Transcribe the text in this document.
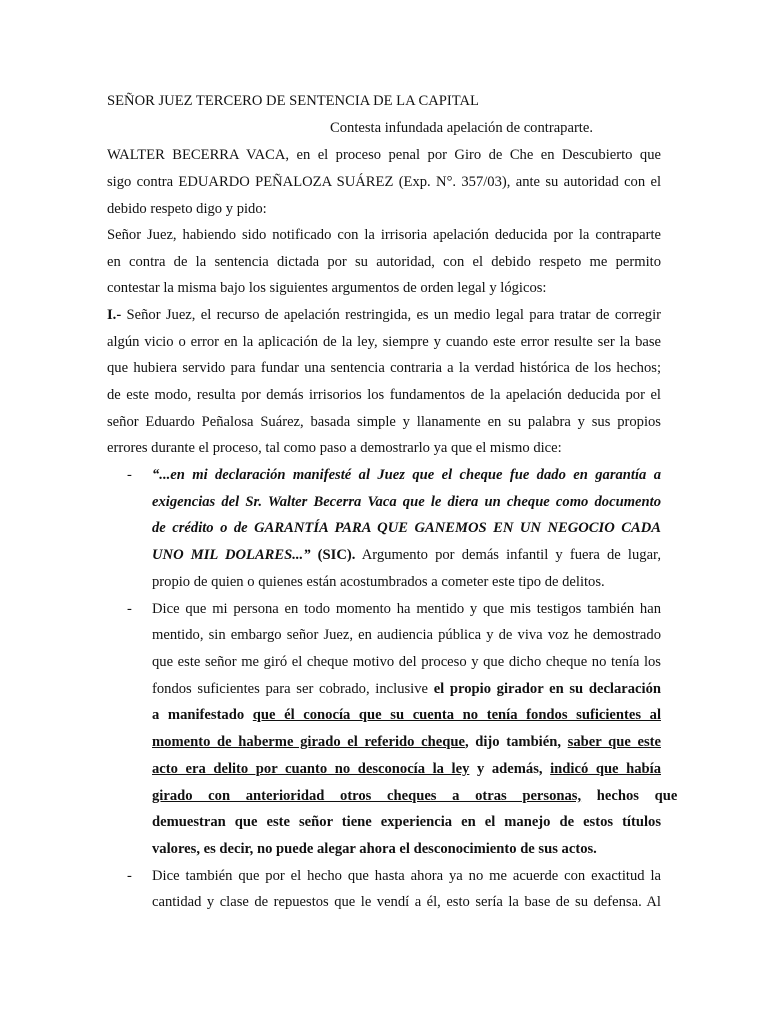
SEÑOR JUEZ TERCERO DE SENTENCIA DE LA CAPITAL
Contesta infundada apelación de contraparte.
WALTER BECERRA VACA, en el proceso penal por Giro de Che en Descubierto que
sigo contra EDUARDO PEÑALOZA SUÁREZ (Exp. N°. 357/03), ante su autoridad con el
debido respeto digo y pido:
Señor Juez, habiendo sido notificado con la irrisoria apelación deducida por la contraparte
en contra de la sentencia dictada por su autoridad, con el debido respeto me permito
contestar la misma bajo los siguientes argumentos de orden legal y lógicos:
I.- Señor Juez, el recurso de apelación restringida, es un medio legal para tratar de corregir
algún vicio o error en la aplicación de la ley, siempre y cuando este error resulte ser la base
que hubiera servido para fundar una sentencia contraria a la verdad histórica de los hechos;
de este modo, resulta por demás irrisorios los fundamentos de la apelación deducida por el
señor Eduardo Peñalosa Suárez, basada simple y llanamente en su palabra y sus propios
errores durante el proceso, tal como paso a demostrarlo ya que el mismo dice:
- “...en mi declaración manifesté al Juez que el cheque fue dado en garantía a
exigencias del Sr. Walter Becerra Vaca que le diera un cheque como documento
de crédito o de GARANTÍA PARA QUE GANEMOS EN UN NEGOCIO CADA
UNO MIL DOLARES...” (SIC). Argumento por demás infantil y fuera de lugar,
propio de quien o quienes están acostumbrados a cometer este tipo de delitos.
- Dice que mi persona en todo momento ha mentido y que mis testigos también han
mentido, sin embargo señor Juez, en audiencia pública y de viva voz he demostrado
que este señor me giró el cheque motivo del proceso y que dicho cheque no tenía los
fondos suficientes para ser cobrado, inclusive el propio girador en su declaración
a manifestado que él conocía que su cuenta no tenía fondos suficientes al
momento de haberme girado el referido cheque, dijo también, saber que este
acto era delito por cuanto no desconocía la ley y además, indicó que había
girado con anterioridad otros cheques a otras personas, hechos que
demuestran que este señor tiene experiencia en el manejo de estos títulos
valores, es decir, no puede alegar ahora el desconocimiento de sus actos.
- Dice también que por el hecho que hasta ahora ya no me acuerde con exactitud la
cantidad y clase de repuestos que le vendí a él, esto sería la base de su defensa. Al
